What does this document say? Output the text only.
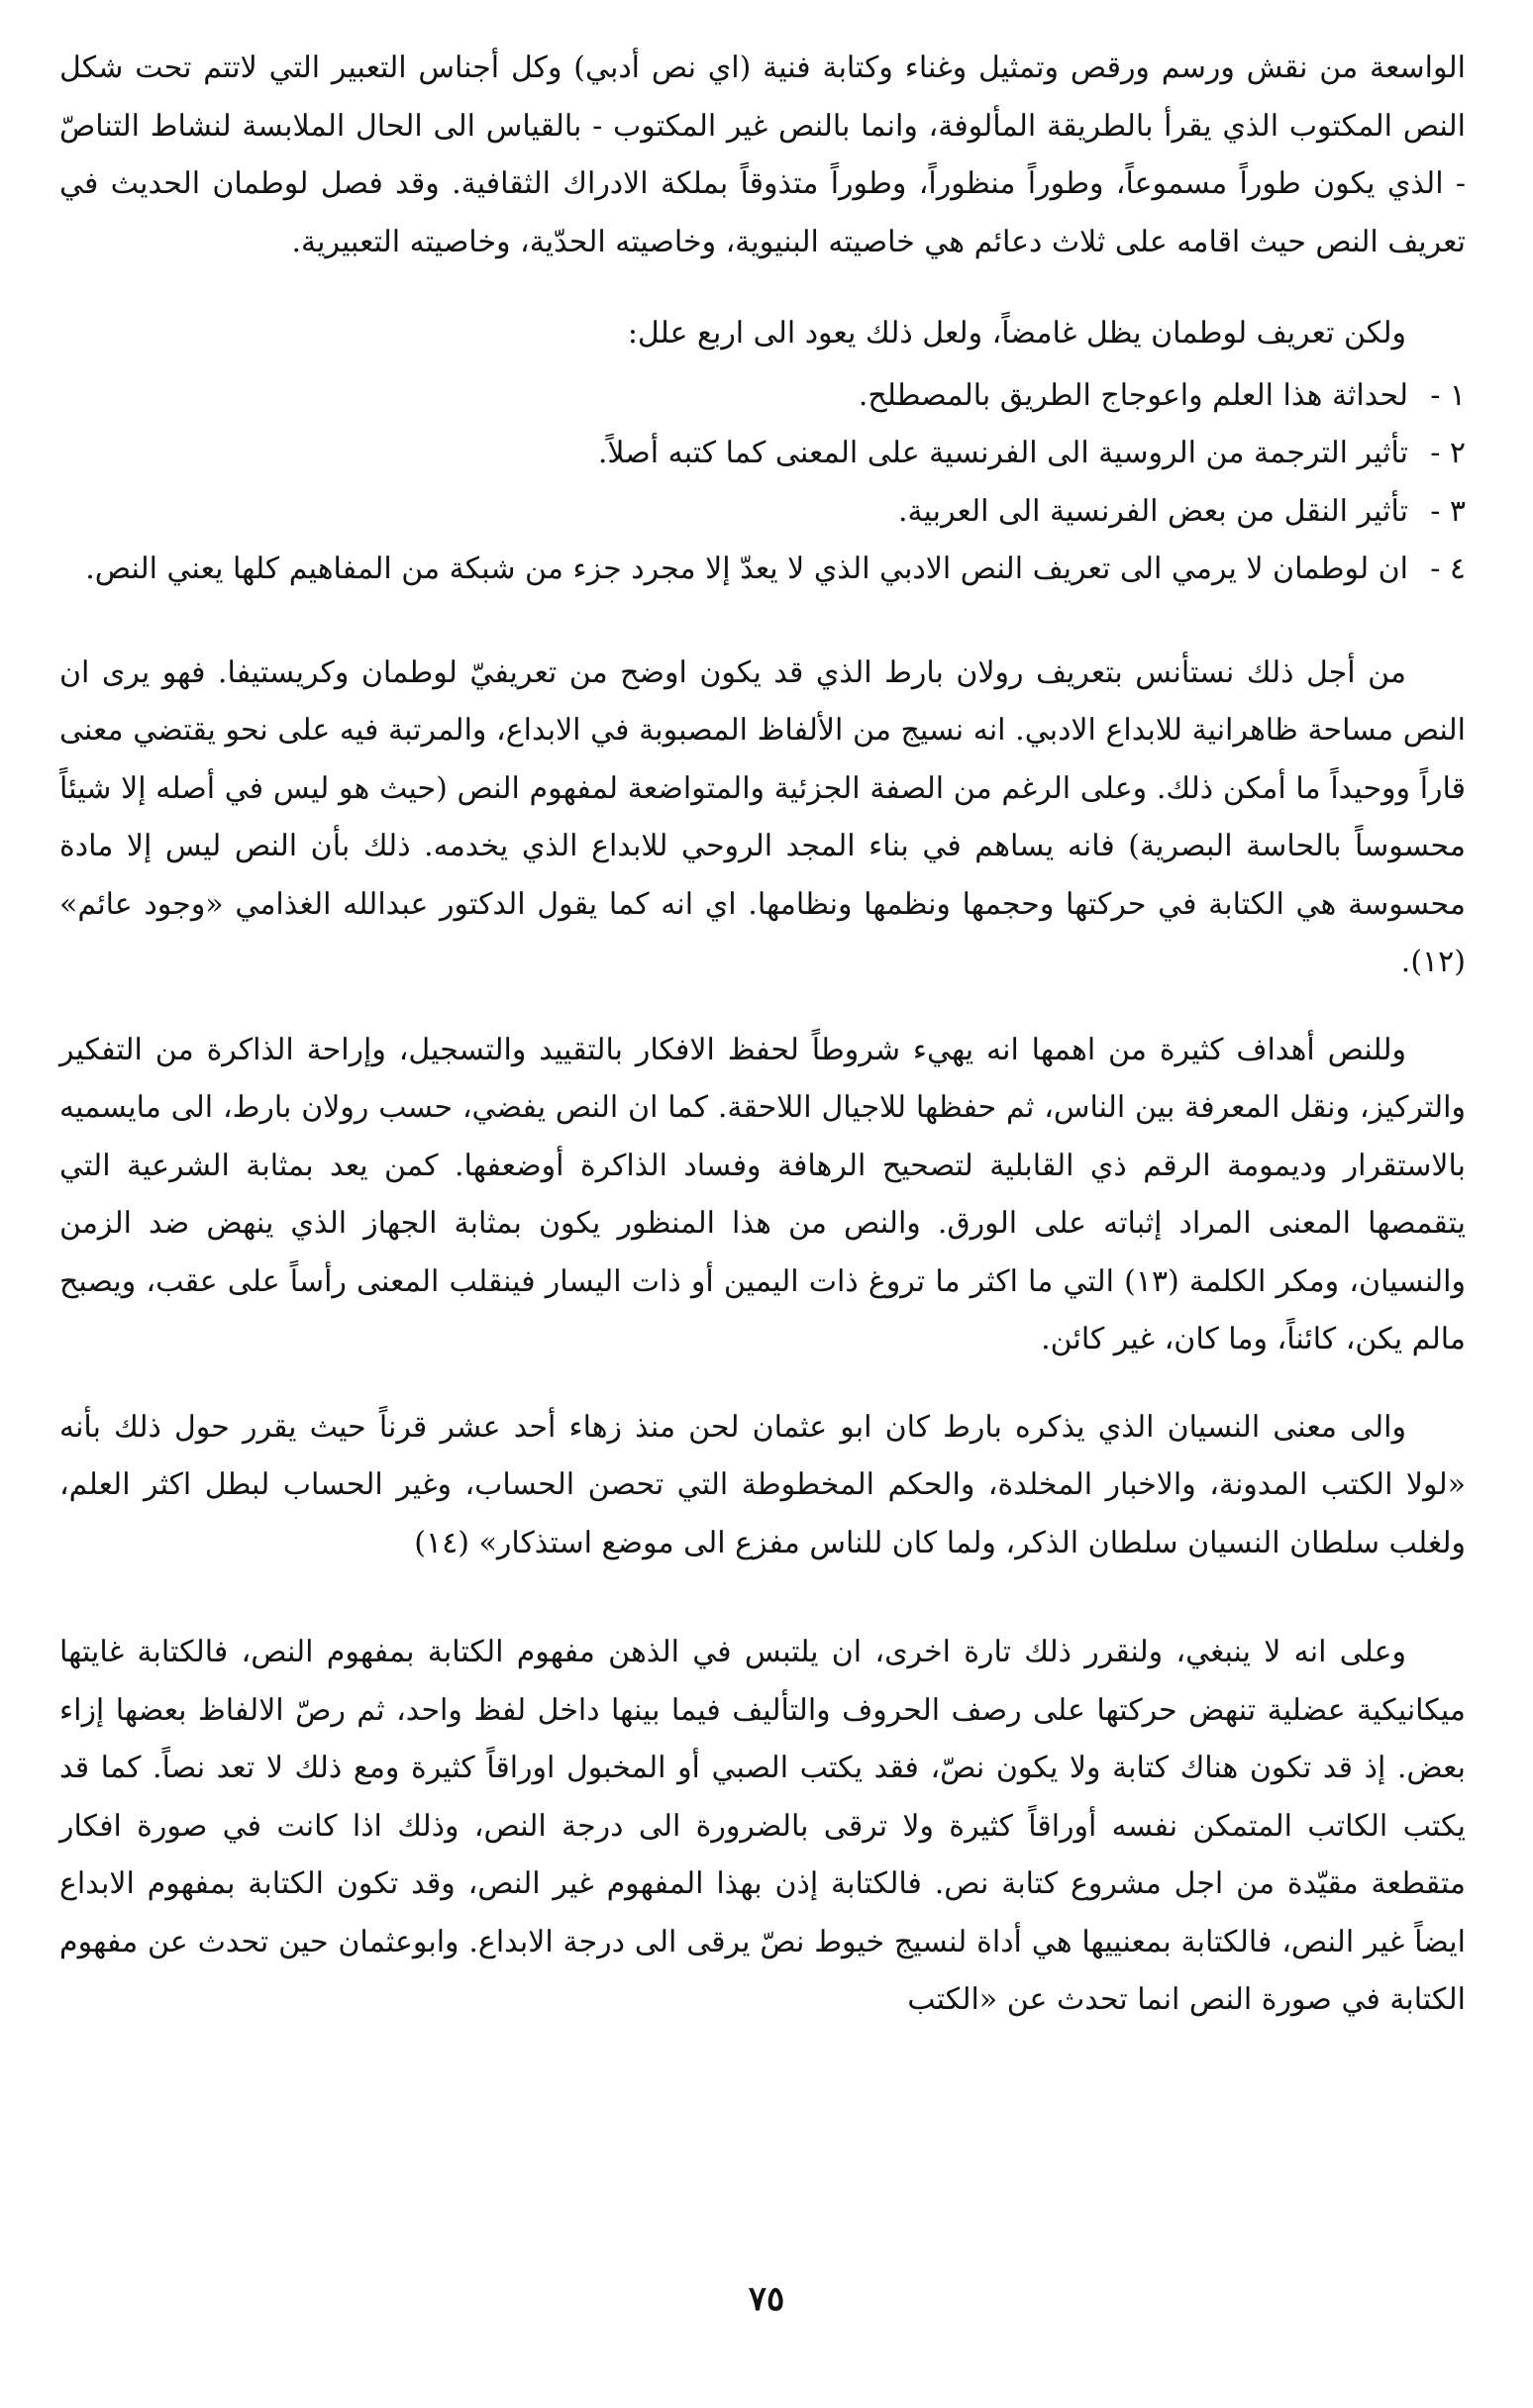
الواسعة من نقش ورسم ورقص وتمثيل وغناء وكتابة فنية (اي نص أدبي) وكل أجناس التعبير التي لاتتم تحت شكل النص المكتوب الذي يقرأ بالطريقة المألوفة، وانما بالنص غير المكتوب - بالقياس الى الحال الملابسة لنشاط التناصّ - الذي يكون طوراً مسموعاً، وطوراً منظوراً، وطوراً متذوقاً بملكة الادراك الثقافية. وقد فصل لوطمان الحديث في تعريف النص حيث اقامه على ثلاث دعائم هي خاصيته البنيوية، وخاصيته الحدّية، وخاصيته التعبيرية.

ولكن تعريف لوطمان يظل غامضاً، ولعل ذلك يعود الى اربع علل:

١ -
لحداثة هذا العلم واعوجاج الطريق بالمصطلح.
٢ -
تأثير الترجمة من الروسية الى الفرنسية على المعنى كما كتبه أصلاً.
٣ -
تأثير النقل من بعض الفرنسية الى العربية.
٤ -
ان لوطمان لا يرمي الى تعريف النص الادبي الذي لا يعدّ إلا مجرد جزء من شبكة من المفاهيم كلها يعني النص.

من أجل ذلك نستأنس بتعريف رولان بارط الذي قد يكون اوضح من تعريفيّ لوطمان وكريستيفا. فهو يرى ان النص مساحة ظاهرانية للابداع الادبي. انه نسيج من الألفاظ المصبوبة في الابداع، والمرتبة فيه على نحو يقتضي معنى قاراً ووحيداً ما أمكن ذلك. وعلى الرغم من الصفة الجزئية والمتواضعة لمفهوم النص (حيث هو ليس في أصله إلا شيئاً محسوساً بالحاسة البصرية) فانه يساهم في بناء المجد الروحي للابداع الذي يخدمه. ذلك بأن النص ليس إلا مادة محسوسة هي الكتابة في حركتها وحجمها ونظمها ونظامها. اي انه كما يقول الدكتور عبدالله الغذامي «وجود عائم» (١٢).

وللنص أهداف كثيرة من اهمها انه يهيء شروطاً لحفظ الافكار بالتقييد والتسجيل، وإراحة الذاكرة من التفكير والتركيز، ونقل المعرفة بين الناس، ثم حفظها للاجيال اللاحقة. كما ان النص يفضي، حسب رولان بارط، الى مايسميه بالاستقرار وديمومة الرقم ذي القابلية لتصحيح الرهافة وفساد الذاكرة أوضعفها. كمن يعد بمثابة الشرعية التي يتقمصها المعنى المراد إثباته على الورق. والنص من هذا المنظور يكون بمثابة الجهاز الذي ينهض ضد الزمن والنسيان، ومكر الكلمة (١٣) التي ما اكثر ما تروغ ذات اليمين أو ذات اليسار فينقلب المعنى رأساً على عقب، ويصبح مالم يكن، كائناً، وما كان، غير كائن.

والى معنى النسيان الذي يذكره بارط كان ابو عثمان لحن منذ زهاء أحد عشر قرناً حيث يقرر حول ذلك بأنه «لولا الكتب المدونة، والاخبار المخلدة، والحكم المخطوطة التي تحصن الحساب، وغير الحساب لبطل اكثر العلم، ولغلب سلطان النسيان سلطان الذكر، ولما كان للناس مفزع الى موضع استذكار» (١٤)

وعلى انه لا ينبغي، ولنقرر ذلك تارة اخرى، ان يلتبس في الذهن مفهوم الكتابة بمفهوم النص، فالكتابة غايتها ميكانيكية عضلية تنهض حركتها على رصف الحروف والتأليف فيما بينها داخل لفظ واحد، ثم رصّ الالفاظ بعضها إزاء بعض. إذ قد تكون هناك كتابة ولا يكون نصّ، فقد يكتب الصبي أو المخبول اوراقاً كثيرة ومع ذلك لا تعد نصاً. كما قد يكتب الكاتب المتمكن نفسه أوراقاً كثيرة ولا ترقى بالضرورة الى درجة النص، وذلك اذا كانت في صورة افكار متقطعة مقيّدة من اجل مشروع كتابة نص. فالكتابة إذن بهذا المفهوم غير النص، وقد تكون الكتابة بمفهوم الابداع ايضاً غير النص، فالكتابة بمعنييها هي أداة لنسيج خيوط نصّ يرقى الى درجة الابداع. وابوعثمان حين تحدث عن مفهوم الكتابة في صورة النص انما تحدث عن «الكتب

٧٥
